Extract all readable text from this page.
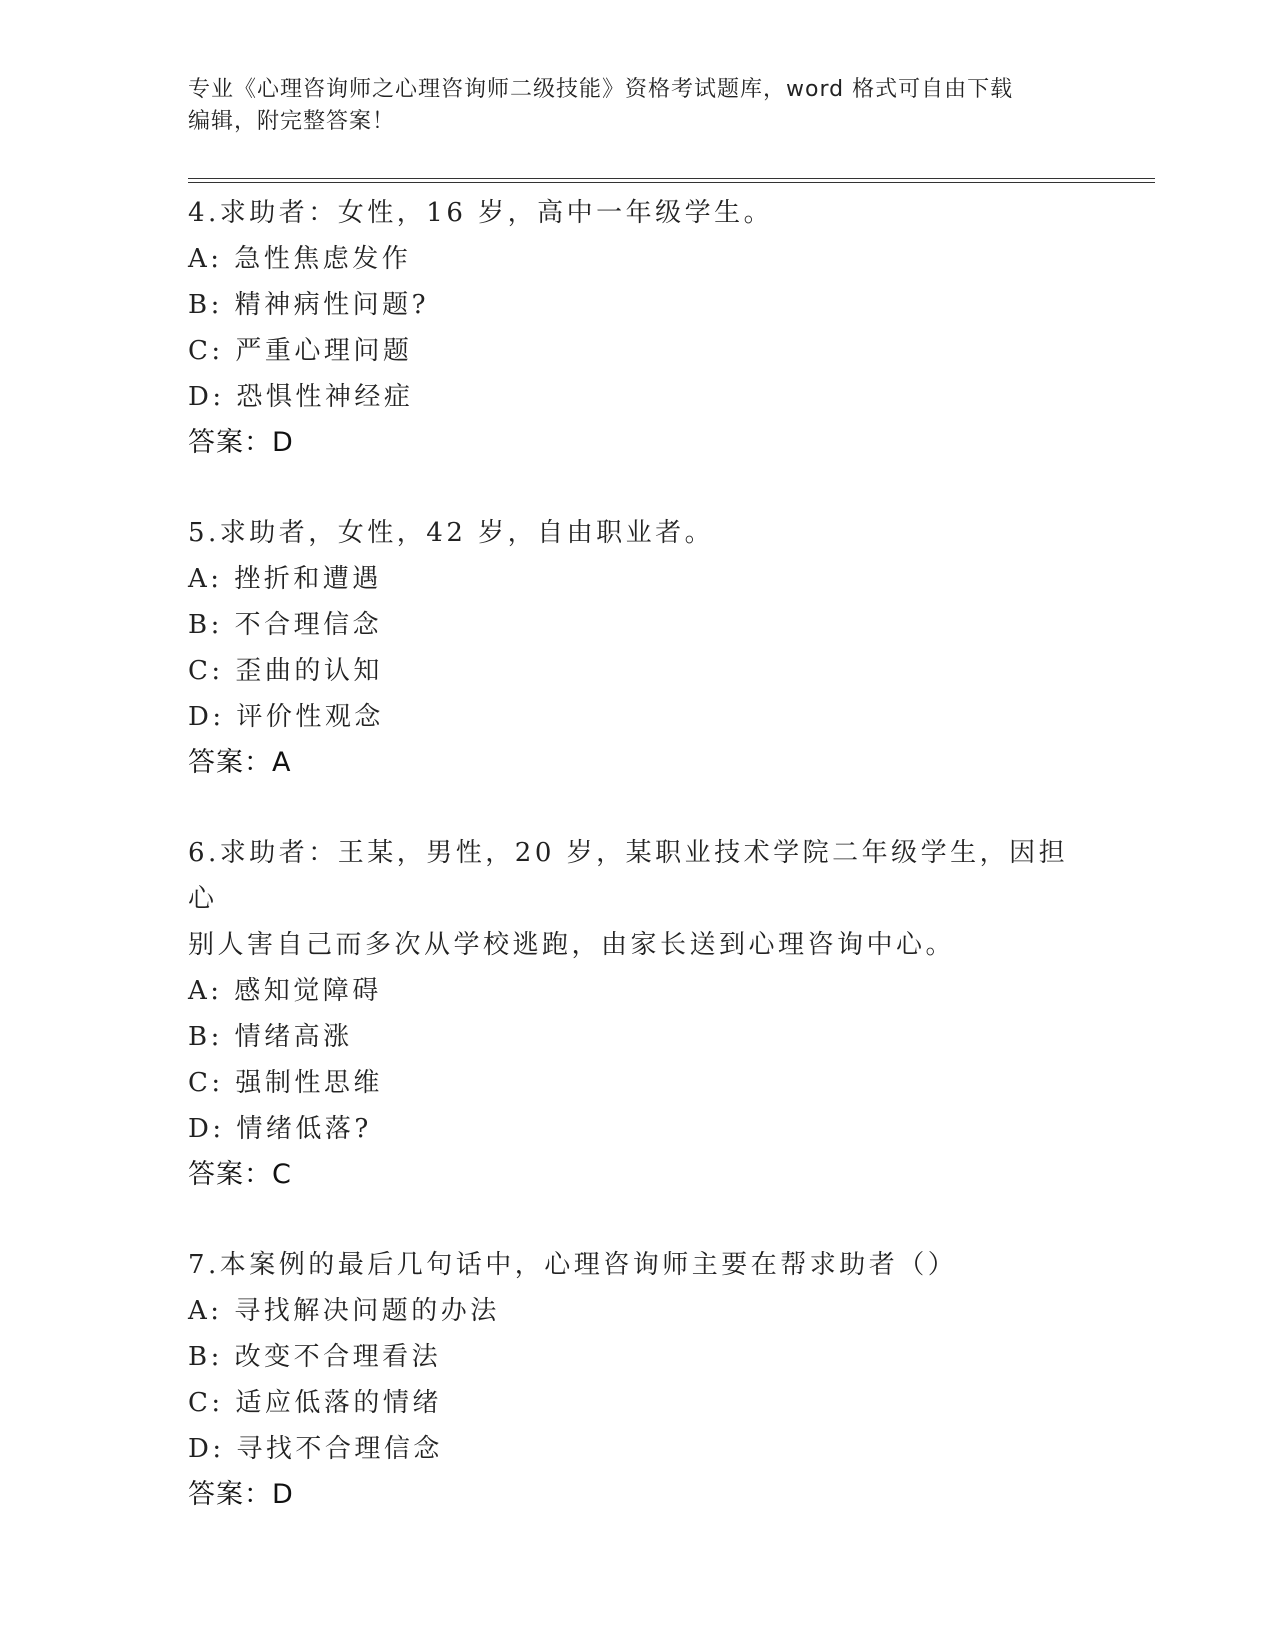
专业《心理咨询师之心理咨询师二级技能》资格考试题库，word 格式可自由下载
编辑，附完整答案！
4.求助者：女性，16 岁，高中一年级学生。
A: 急性焦虑发作
B: 精神病性问题?
C: 严重心理问题
D: 恐惧性神经症
答案：D
5.求助者，女性，42 岁，自由职业者。
A: 挫折和遭遇
B: 不合理信念
C: 歪曲的认知
D: 评价性观念
答案：A
6.求助者：王某，男性，20 岁，某职业技术学院二年级学生，因担心
别人害自己而多次从学校逃跑，由家长送到心理咨询中心。
A: 感知觉障碍
B: 情绪高涨
C: 强制性思维
D: 情绪低落?
答案：C
7.本案例的最后几句话中，心理咨询师主要在帮求助者（）
A: 寻找解决问题的办法
B: 改变不合理看法
C: 适应低落的情绪
D: 寻找不合理信念
答案：D
